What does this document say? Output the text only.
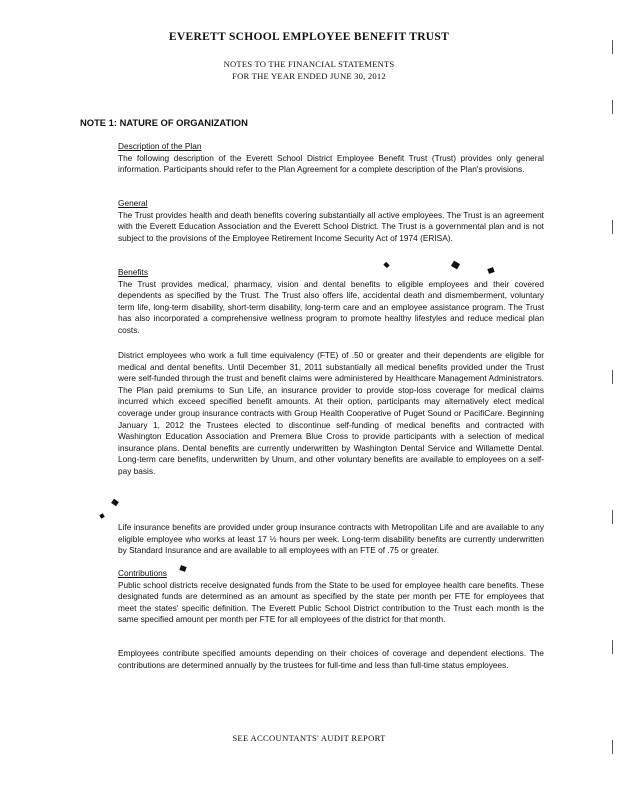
EVERETT SCHOOL EMPLOYEE BENEFIT TRUST
NOTES TO THE FINANCIAL STATEMENTS
FOR THE YEAR ENDED JUNE 30, 2012
NOTE 1: NATURE OF ORGANIZATION
Description of the Plan
The following description of the Everett School District Employee Benefit Trust (Trust) provides only general information. Participants should refer to the Plan Agreement for a complete description of the Plan's provisions.
General
The Trust provides health and death benefits covering substantially all active employees. The Trust is an agreement with the Everett Education Association and the Everett School District. The Trust is a governmental plan and is not subject to the provisions of the Employee Retirement Income Security Act of 1974 (ERISA).
Benefits
The Trust provides medical, pharmacy, vision and dental benefits to eligible employees and their covered dependents as specified by the Trust. The Trust also offers life, accidental death and dismemberment, voluntary term life, long-term disability, short-term disability, long-term care and an employee assistance program. The Trust has also incorporated a comprehensive wellness program to promote healthy lifestyles and reduce medical plan costs.
District employees who work a full time equivalency (FTE) of .50 or greater and their dependents are eligible for medical and dental benefits. Until December 31, 2011 substantially all medical benefits provided under the Trust were self-funded through the trust and benefit claims were administered by Healthcare Management Administrators. The Plan paid premiums to Sun Life, an insurance provider to provide stop-loss coverage for medical claims incurred which exceed specified benefit amounts. At their option, participants may alternatively elect medical coverage under group insurance contracts with Group Health Cooperative of Puget Sound or PacifiCare. Beginning January 1, 2012 the Trustees elected to discontinue self-funding of medical benefits and contracted with Washington Education Association and Premera Blue Cross to provide participants with a selection of medical insurance plans. Dental benefits are currently underwritten by Washington Dental Service and Willamette Dental. Long-term care benefits, underwritten by Unum, and other voluntary benefits are available to employees on a self-pay basis.
Life insurance benefits are provided under group insurance contracts with Metropolitan Life and are available to any eligible employee who works at least 17 ½ hours per week. Long-term disability benefits are currently underwritten by Standard Insurance and are available to all employees with an FTE of .75 or greater.
Contributions
Public school districts receive designated funds from the State to be used for employee health care benefits. These designated funds are determined as an amount as specified by the state per month per FTE for employees that meet the states' specific definition. The Everett Public School District contribution to the Trust each month is the same specified amount per month per FTE for all employees of the district for that month.
Employees contribute specified amounts depending on their choices of coverage and dependent elections. The contributions are determined annually by the trustees for full-time and less than full-time status employees.
SEE ACCOUNTANTS' AUDIT REPORT
